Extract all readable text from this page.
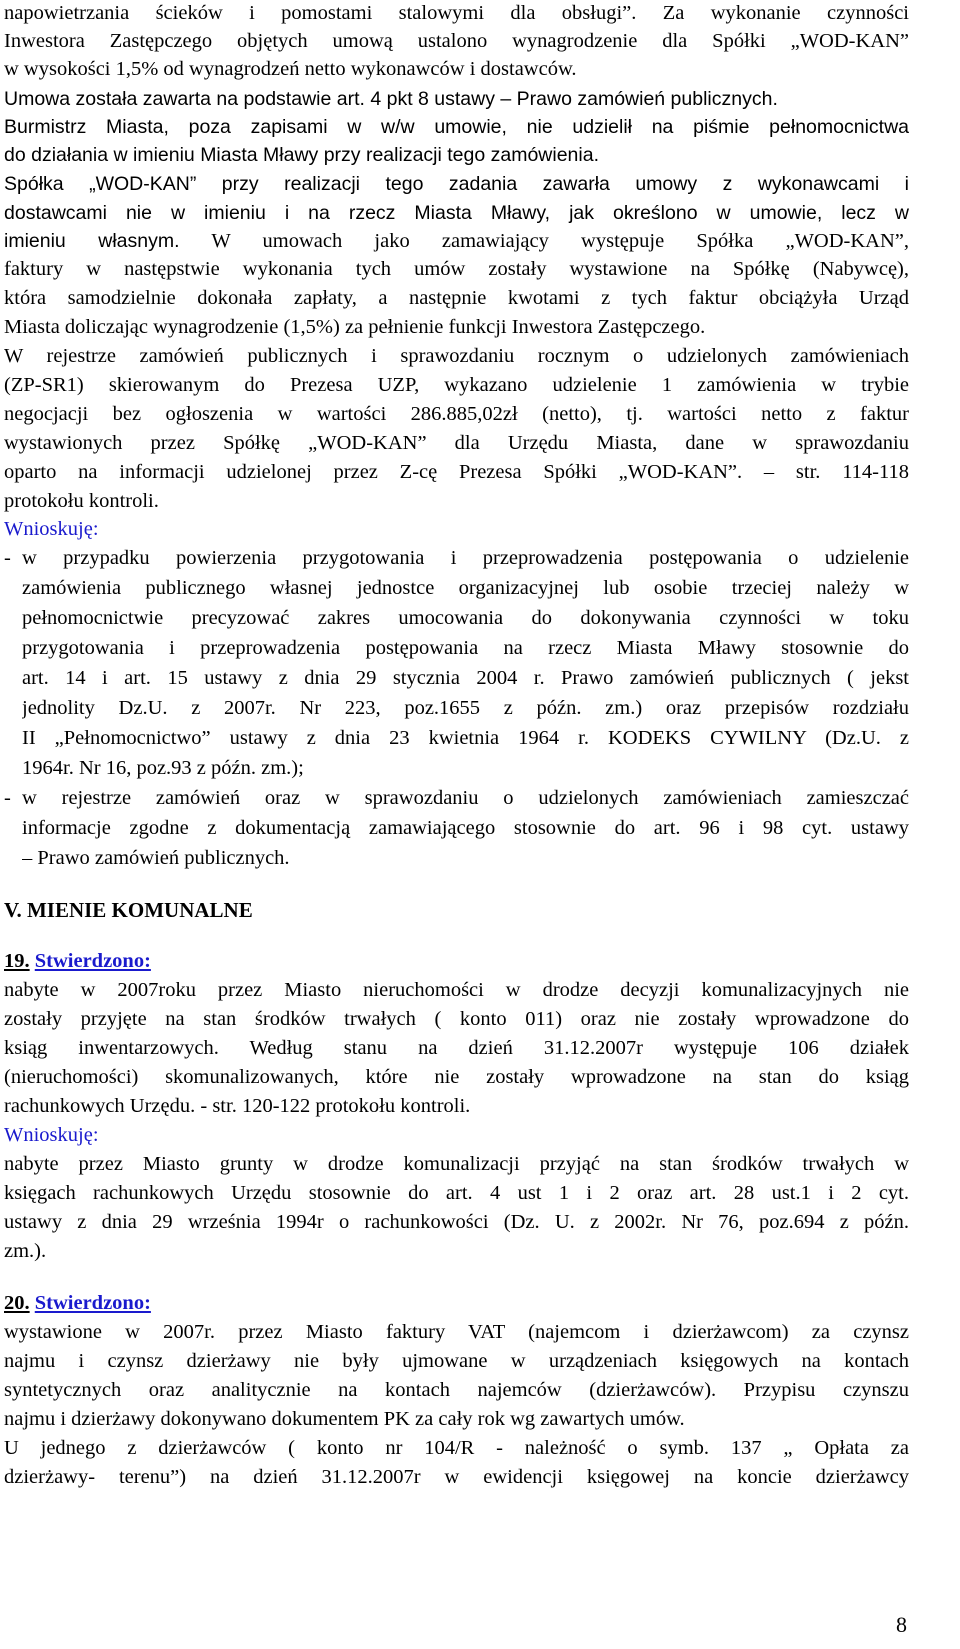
napowietrzania ścieków i pomostami stalowymi dla obsługi”. Za wykonanie czynności
Inwestora Zastępczego objętych umową ustalono wynagrodzenie dla Spółki „WOD-KAN”
w wysokości 1,5% od wynagrodzeń netto wykonawców i dostawców.
Umowa została zawarta na podstawie art. 4 pkt 8 ustawy – Prawo zamówień publicznych.
Burmistrz Miasta, poza zapisami w w/w umowie, nie udzielił na piśmie pełnomocnictwa
do działania w imieniu Miasta Mławy przy realizacji tego zamówienia.
Spółka „WOD-KAN” przy realizacji tego zadania zawarła umowy z wykonawcami i
dostawcami nie w imieniu i na rzecz Miasta Mławy, jak określono w umowie, lecz w
imieniu własnym. W umowach jako zamawiający występuje Spółka „WOD-KAN”,
faktury w następstwie wykonania tych umów zostały wystawione na Spółkę (Nabywcę),
która samodzielnie dokonała zapłaty, a następnie kwotami z tych faktur obciążyła Urząd
Miasta doliczając wynagrodzenie (1,5%) za pełnienie funkcji Inwestora Zastępczego.
W rejestrze zamówień publicznych i sprawozdaniu rocznym o udzielonych zamówieniach
(ZP-SR1) skierowanym do Prezesa UZP, wykazano udzielenie 1 zamówienia w trybie
negocjacji bez ogłoszenia w wartości 286.885,02zł (netto), tj. wartości netto z faktur
wystawionych przez Spółkę „WOD-KAN” dla Urzędu Miasta, dane w sprawozdaniu
oparto na informacji udzielonej przez Z-cę Prezesa Spółki „WOD-KAN”. – str. 114-118
protokołu kontroli.
Wnioskuję:
- w przypadku powierzenia przygotowania i przeprowadzenia postępowania o udzielenie
zamówienia publicznego własnej jednostce organizacyjnej lub osobie trzeciej należy w
pełnomocnictwie precyzować zakres umocowania do dokonywania czynności w toku
przygotowania i przeprowadzenia postępowania na rzecz Miasta Mławy stosownie do
art. 14 i art. 15 ustawy z dnia 29 stycznia 2004 r. Prawo zamówień publicznych ( jekst
jednolity Dz.U. z 2007r. Nr 223, poz.1655 z późn. zm.) oraz przepisów rozdziału
II „Pełnomocnictwo” ustawy z dnia 23 kwietnia 1964 r. KODEKS CYWILNY (Dz.U. z
1964r. Nr 16, poz.93 z późn. zm.);
- w rejestrze zamówień oraz w sprawozdaniu o udzielonych zamówieniach zamieszczać
informacje zgodne z dokumentacją zamawiającego stosownie do art. 96 i 98 cyt. ustawy
– Prawo zamówień publicznych.
V. MIENIE KOMUNALNE
19. Stwierdzono:
nabyte w 2007roku przez Miasto nieruchomości w drodze decyzji komunalizacyjnych nie
zostały przyjęte na stan środków trwałych ( konto 011) oraz nie zostały wprowadzone do
ksiąg inwentarzowych. Według stanu na dzień 31.12.2007r występuje 106 działek
(nieruchomości) skomunalizowanych, które nie zostały wprowadzone na stan do ksiąg
rachunkowych Urzędu. - str. 120-122 protokołu kontroli.
Wnioskuję:
nabyte przez Miasto grunty w drodze komunalizacji przyjąć na stan środków trwałych w
księgach rachunkowych Urzędu stosownie do art. 4 ust 1 i 2 oraz art. 28 ust.1 i 2 cyt.
ustawy z dnia 29 września 1994r o rachunkowości (Dz. U. z 2002r. Nr 76, poz.694 z późn.
zm.).
20. Stwierdzono:
wystawione w 2007r. przez Miasto faktury VAT (najemcom i dzierżawcom) za czynsz
najmu i czynsz dzierżawy nie były ujmowane w urządzeniach księgowych na kontach
syntetycznych oraz analitycznie na kontach najemców (dzierżawców). Przypisu czynszu
najmu i dzierżawy dokonywano dokumentem PK za cały rok wg zawartych umów.
U jednego z dzierżawców ( konto nr 104/R - należność o symb. 137 „ Opłata za
dzierżawy- terenu”) na dzień 31.12.2007r w ewidencji księgowej na koncie dzierżawcy
8
